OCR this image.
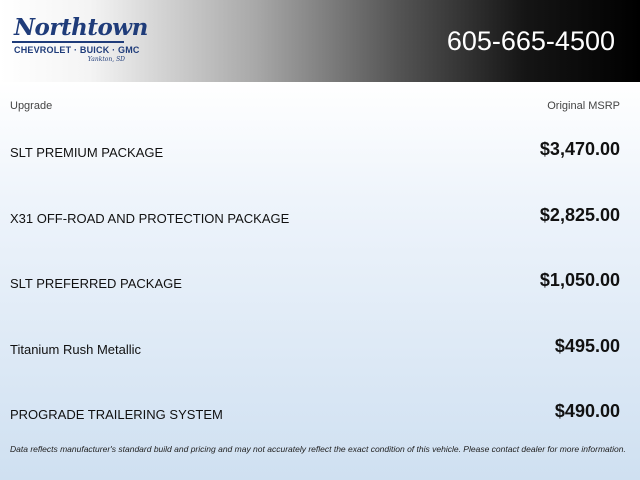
Northtown
CHEVROLET · BUICK · GMC
Yankton, SD
605-665-4500
Upgrade	Original MSRP
SLT PREMIUM PACKAGE	$3,470.00
X31 OFF-ROAD AND PROTECTION PACKAGE	$2,825.00
SLT PREFERRED PACKAGE	$1,050.00
Titanium Rush Metallic	$495.00
PROGRADE TRAILERING SYSTEM	$490.00
Data reflects manufacturer's standard build and pricing and may not accurately reflect the exact condition of this vehicle. Please contact dealer for more information.
